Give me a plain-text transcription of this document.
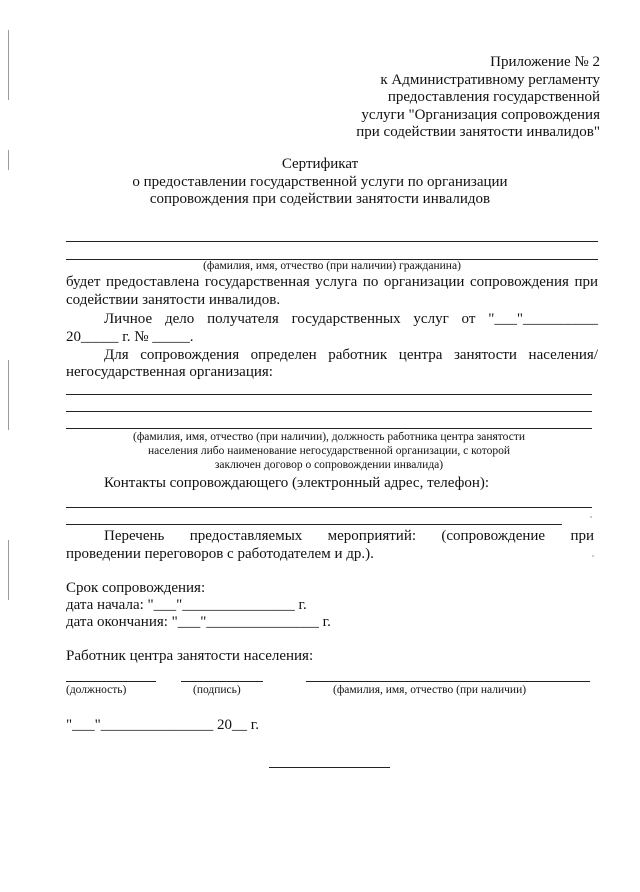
Приложение № 2
к Административному регламенту
предоставления государственной
услуги "Организация сопровождения
при содействии занятости инвалидов"
Сертификат
о предоставлении государственной услуги по организации
сопровождения при содействии занятости инвалидов
(фамилия, имя, отчество (при наличии) гражданина)
будет предоставлена государственная услуга по организации сопровождения при
содействии занятости инвалидов.
Личное дело получателя государственных услуг от "___"__________
20_____ г. № _____.
Для сопровождения определен работник центра занятости населения/
негосударственная организация:
(фамилия, имя, отчество (при наличии), должность работника центра занятости
населения либо наименование негосударственной организации, с которой
заключен договор о сопровождении инвалида)
Контакты сопровождающего (электронный адрес, телефон):
Перечень предоставляемых мероприятий: (сопровождение при
проведении переговоров с работодателем и др.).
Срок сопровождения:
дата начала: "___"_______________ г.
дата окончания: "___"_______________ г.
Работник центра занятости населения:
(должность)	(подпись)	(фамилия, имя, отчество (при наличии)
"___"_______________ 20__ г.
